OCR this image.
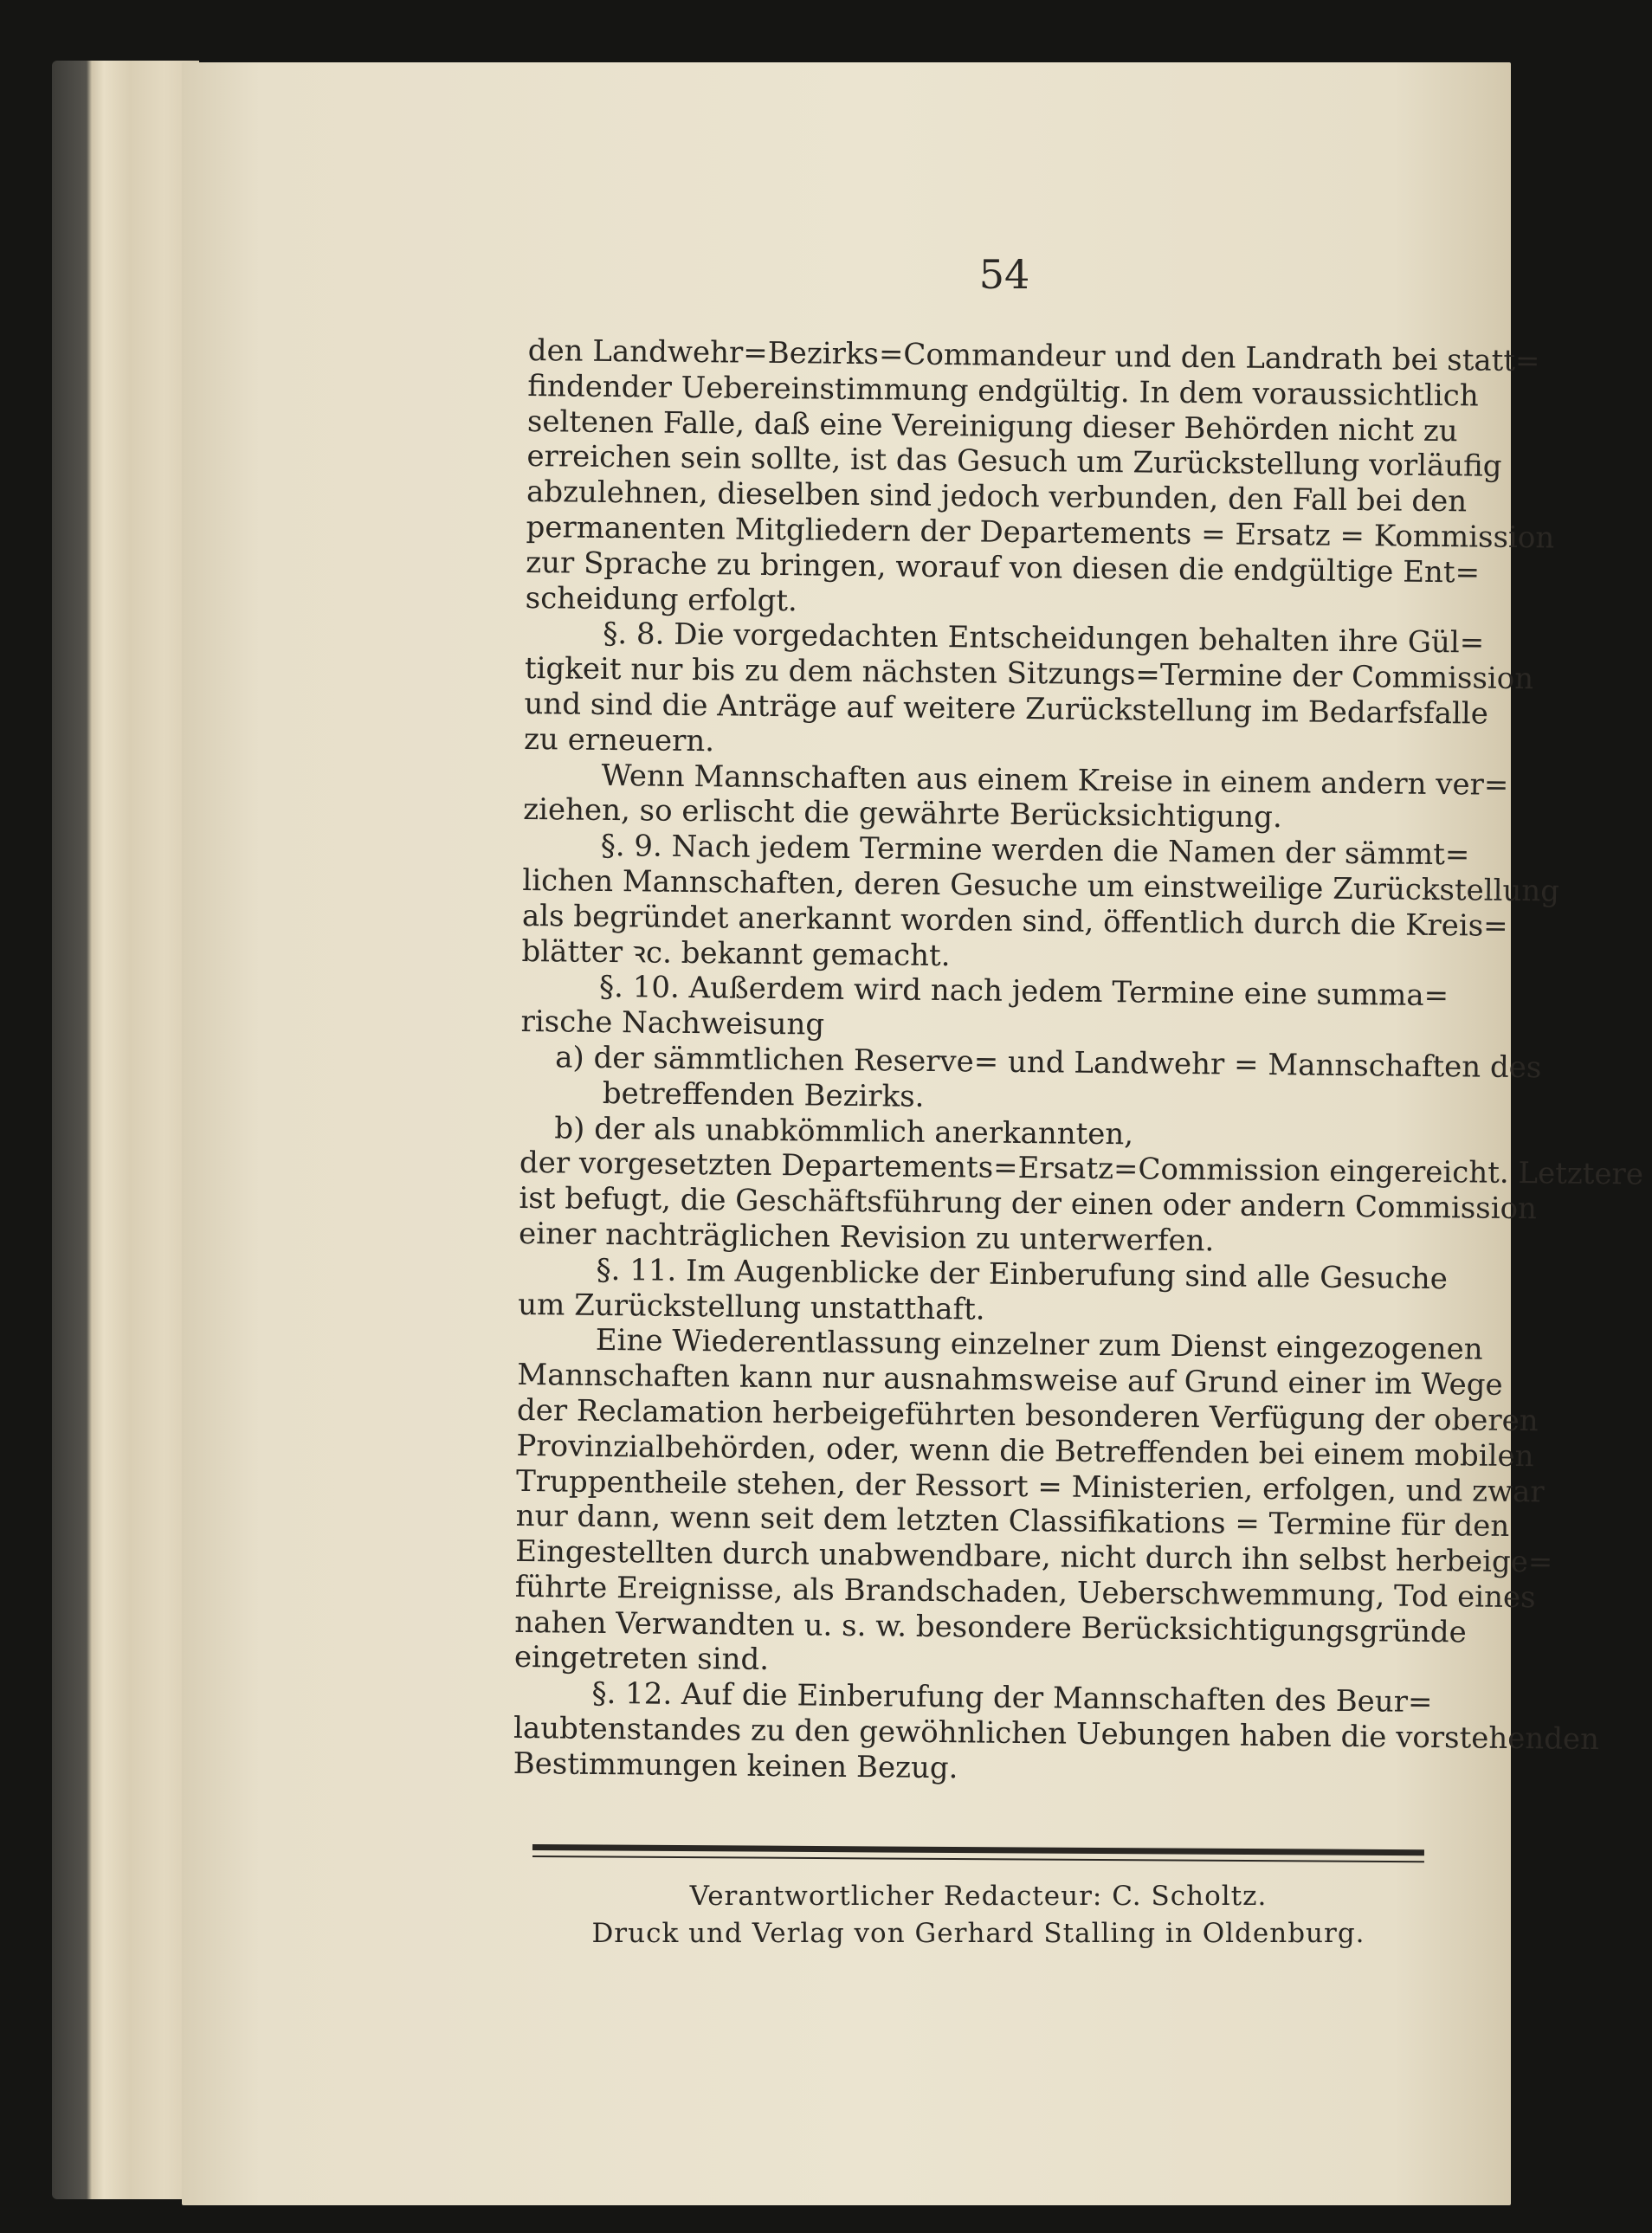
54
den Landwehr=Bezirks=Commandeur und den Landrath bei statt=
findender Uebereinstimmung endgültig. In dem voraussichtlich
seltenen Falle, daß eine Vereinigung dieser Behörden nicht zu
erreichen sein sollte, ist das Gesuch um Zurückstellung vorläufig
abzulehnen, dieselben sind jedoch verbunden, den Fall bei den
permanenten Mitgliedern der Departements = Ersatz = Kommission
zur Sprache zu bringen, worauf von diesen die endgültige Ent=
scheidung erfolgt.
§. 8. Die vorgedachten Entscheidungen behalten ihre Gül=
tigkeit nur bis zu dem nächsten Sitzungs=Termine der Commission
und sind die Anträge auf weitere Zurückstellung im Bedarfsfalle
zu erneuern.
Wenn Mannschaften aus einem Kreise in einem andern ver=
ziehen, so erlischt die gewährte Berücksichtigung.
§. 9. Nach jedem Termine werden die Namen der sämmt=
lichen Mannschaften, deren Gesuche um einstweilige Zurückstellung
als begründet anerkannt worden sind, öffentlich durch die Kreis=
blätter ꝛc. bekannt gemacht.
§. 10. Außerdem wird nach jedem Termine eine summa=
rische Nachweisung
a) der sämmtlichen Reserve= und Landwehr = Mannschaften des
betreffenden Bezirks.
b) der als unabkömmlich anerkannten,
der vorgesetzten Departements=Ersatz=Commission eingereicht. Letztere
ist befugt, die Geschäftsführung der einen oder andern Commission
einer nachträglichen Revision zu unterwerfen.
§. 11. Im Augenblicke der Einberufung sind alle Gesuche
um Zurückstellung unstatthaft.
Eine Wiederentlassung einzelner zum Dienst eingezogenen
Mannschaften kann nur ausnahmsweise auf Grund einer im Wege
der Reclamation herbeigeführten besonderen Verfügung der oberen
Provinzialbehörden, oder, wenn die Betreffenden bei einem mobilen
Truppentheile stehen, der Ressort = Ministerien, erfolgen, und zwar
nur dann, wenn seit dem letzten Classifikations = Termine für den
Eingestellten durch unabwendbare, nicht durch ihn selbst herbeige=
führte Ereignisse, als Brandschaden, Ueberschwemmung, Tod eines
nahen Verwandten u. s. w. besondere Berücksichtigungsgründe
eingetreten sind.
§. 12. Auf die Einberufung der Mannschaften des Beur=
laubtenstandes zu den gewöhnlichen Uebungen haben die vorstehenden
Bestimmungen keinen Bezug.
Verantwortlicher Redacteur: C. Scholtz.
Druck und Verlag von Gerhard Stalling in Oldenburg.
